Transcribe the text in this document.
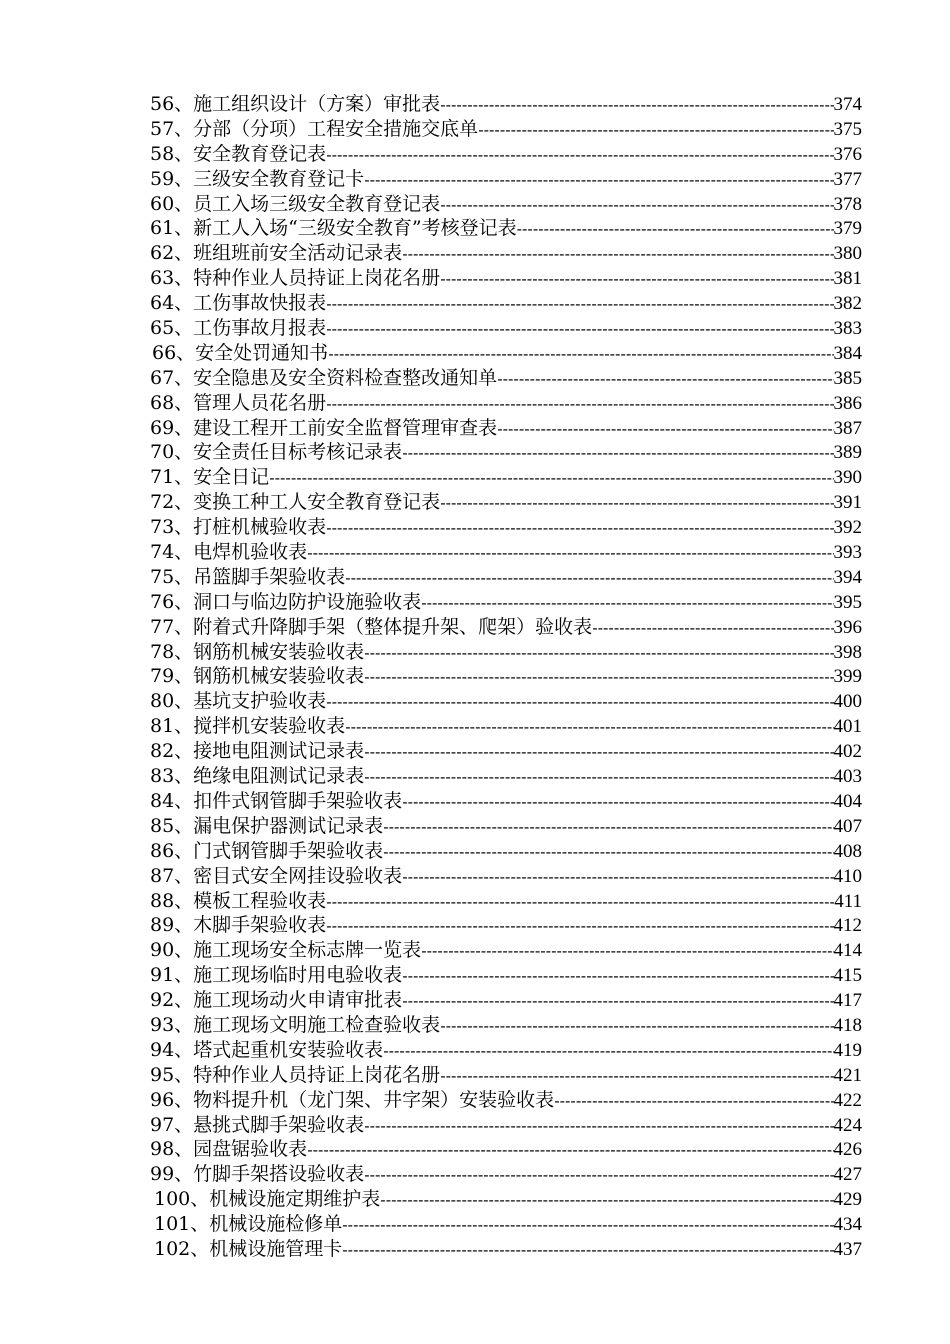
56、施工组织设计（方案）审批表 -----	374
57、分部（分项）工程安全措施交底单 -----	375
58、安全教育登记表 -----	376
59、三级安全教育登记卡 -----	377
60、员工入场三级安全教育登记表 -----	378
61、新工人入场“三级安全教育”考核登记表 -----	379
62、班组班前安全活动记录表 -----	380
63、特种作业人员持证上岗花名册 -----	381
64、工伤事故快报表 -----	382
65、工伤事故月报表 -----	383
66、安全处罚通知书 -----	384
67、安全隐患及安全资料检查整改通知单 -----	385
68、管理人员花名册 -----	386
69、建设工程开工前安全监督管理审查表 -----	387
70、安全责任目标考核记录表 -----	389
71、安全日记 -----	390
72、变换工种工人安全教育登记表 -----	391
73、打桩机械验收表 -----	392
74、电焊机验收表 -----	393
75、吊篮脚手架验收表 -----	394
76、洞口与临边防护设施验收表 -----	395
77、附着式升降脚手架（整体提升架、爬架）验收表 -----	396
78、钢筋机械安装验收表 -----	398
79、钢筋机械安装验收表 -----	399
80、基坑支护验收表 -----	400
81、搅拌机安装验收表 -----	401
82、接地电阻测试记录表 -----	402
83、绝缘电阻测试记录表 -----	403
84、扣件式钢管脚手架验收表 -----	404
85、漏电保护器测试记录表 -----	407
86、门式钢管脚手架验收表 -----	408
87、密目式安全网挂设验收表 -----	410
88、模板工程验收表 -----	411
89、木脚手架验收表 -----	412
90、施工现场安全标志牌一览表 -----	414
91、施工现场临时用电验收表 -----	415
92、施工现场动火申请审批表 -----	417
93、施工现场文明施工检查验收表 -----	418
94、塔式起重机安装验收表 -----	419
95、特种作业人员持证上岗花名册 -----	421
96、物料提升机（龙门架、井字架）安装验收表 -----	422
97、悬挑式脚手架验收表 -----	424
98、园盘锯验收表 -----	426
99、竹脚手架搭设验收表 -----	427
100、机械设施定期维护表 -----	429
101、机械设施检修单 -----	434
102、机械设施管理卡 -----	437
